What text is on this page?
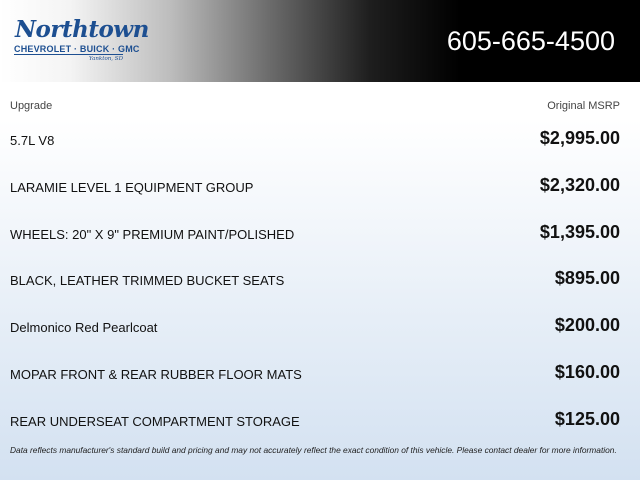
Northtown
CHEVROLET · BUICK · GMC
Yankton, SD
605-665-4500
Upgrade	Original MSRP
5.7L V8	$2,995.00
LARAMIE LEVEL 1 EQUIPMENT GROUP	$2,320.00
WHEELS: 20" X 9" PREMIUM PAINT/POLISHED	$1,395.00
BLACK, LEATHER TRIMMED BUCKET SEATS	$895.00
Delmonico Red Pearlcoat	$200.00
MOPAR FRONT & REAR RUBBER FLOOR MATS	$160.00
REAR UNDERSEAT COMPARTMENT STORAGE	$125.00
Data reflects manufacturer's standard build and pricing and may not accurately reflect the exact condition of this vehicle. Please contact dealer for more information.
